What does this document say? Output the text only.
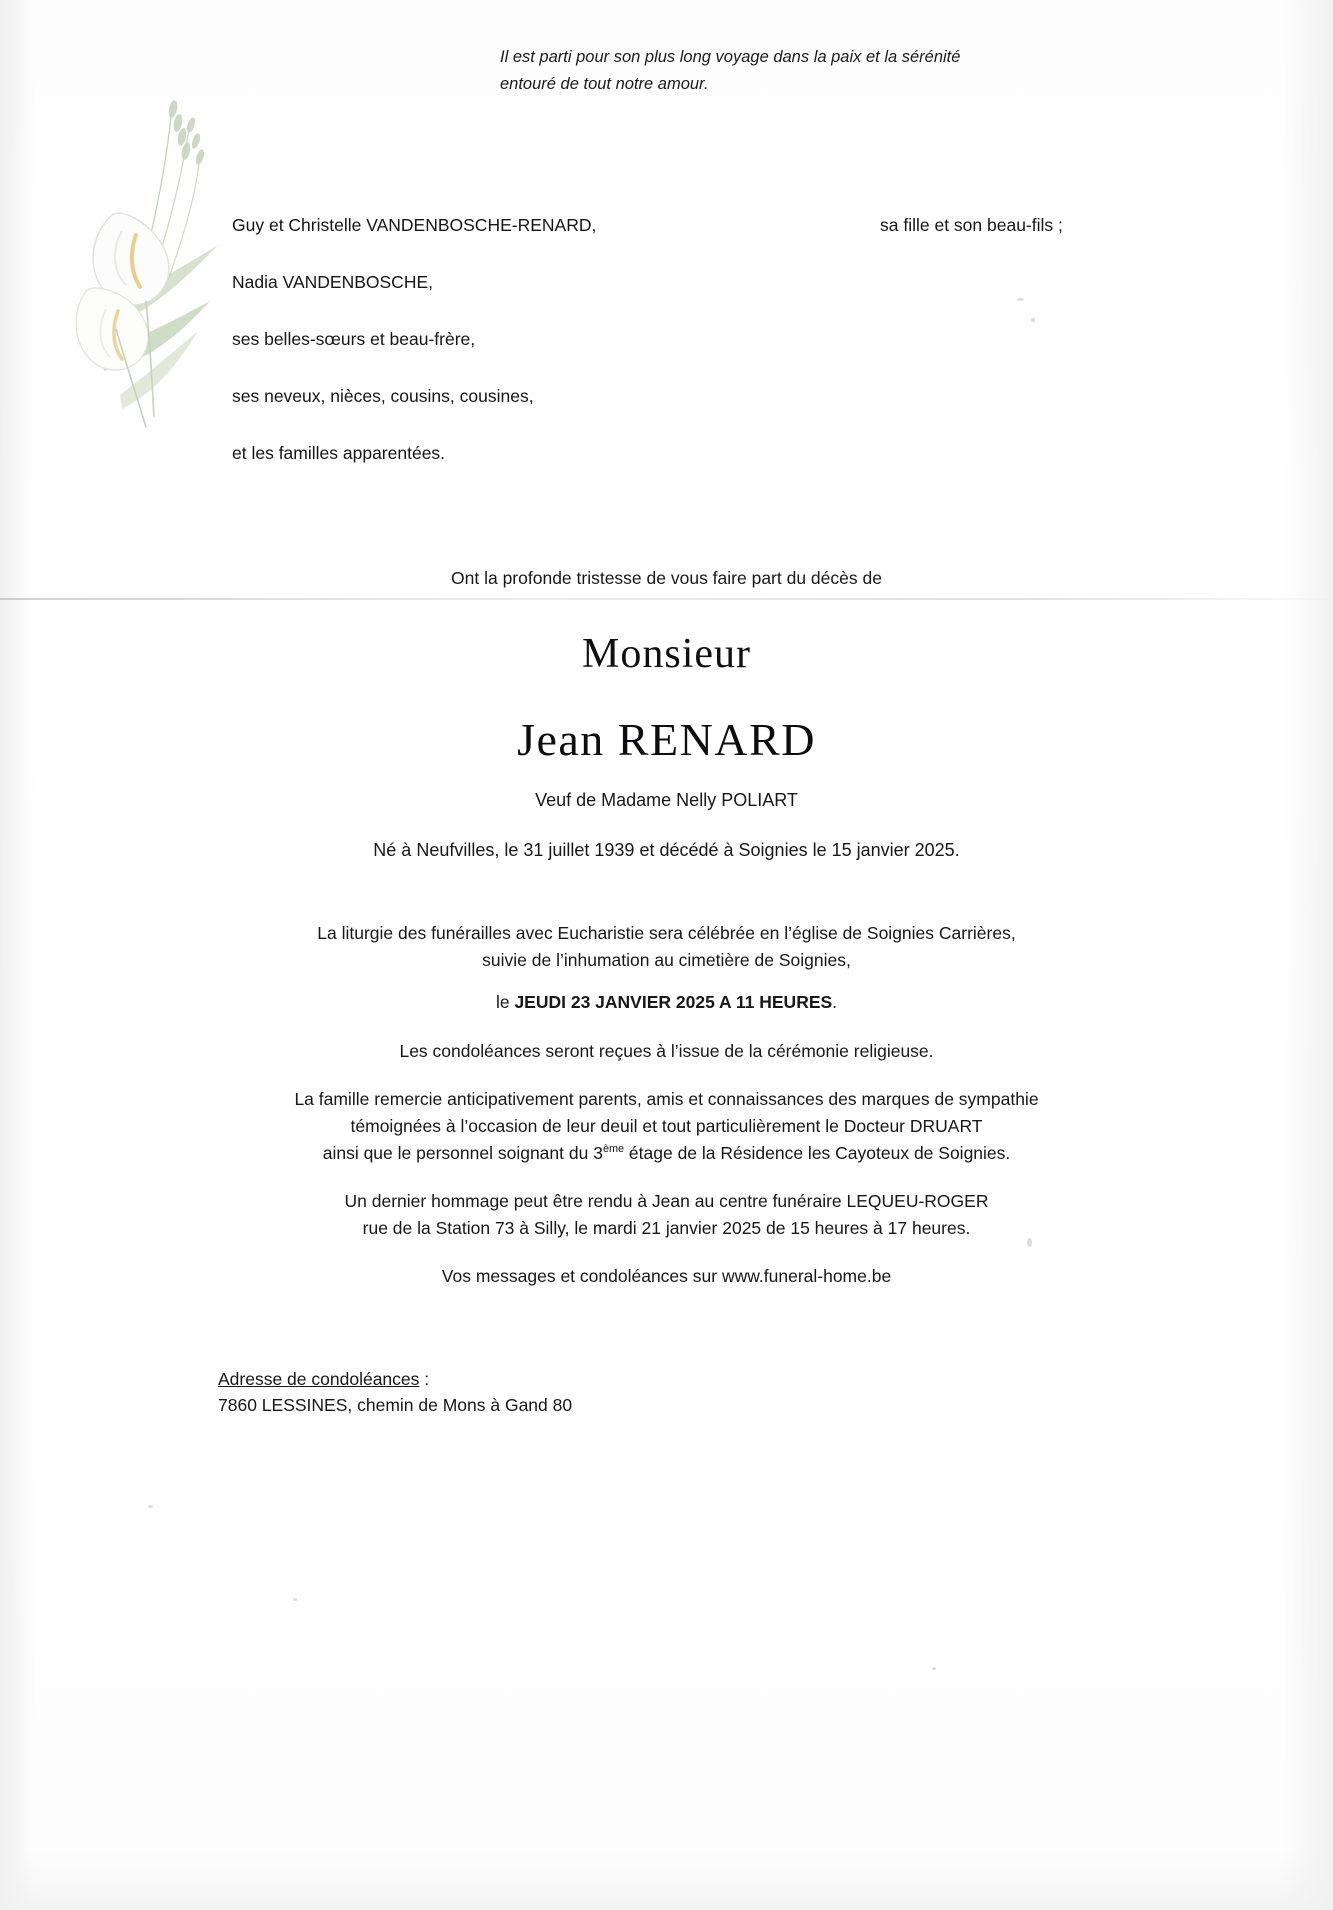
Il est parti pour son plus long voyage dans la paix et la sérénité entouré de tout notre amour.
Guy et Christelle VANDENBOSCHE-RENARD,	sa fille et son beau-fils ;
Nadia VANDENBOSCHE,
ses belles-sœurs et beau-frère,
ses neveux, nièces, cousins, cousines,
et les familles apparentées.
Ont la profonde tristesse de vous faire part du décès de
Monsieur
Jean RENARD
Veuf de Madame Nelly POLIART
Né à Neufvilles, le 31 juillet 1939 et décédé à Soignies le 15 janvier 2025.
La liturgie des funérailles avec Eucharistie sera célébrée en l’église de Soignies Carrières,
suivie de l’inhumation au cimetière de Soignies,
le JEUDI 23 JANVIER 2025 A 11 HEURES.
Les condoléances seront reçues à l’issue de la cérémonie religieuse.
La famille remercie anticipativement parents, amis et connaissances des marques de sympathie
témoignées à l’occasion de leur deuil et tout particulièrement le Docteur DRUART
ainsi que le personnel soignant du 3ème étage de la Résidence les Cayoteux de Soignies.
Un dernier hommage peut être rendu à Jean au centre funéraire LEQUEU-ROGER
rue de la Station 73 à Silly, le mardi 21 janvier 2025 de 15 heures à 17 heures.
Vos messages et condoléances sur www.funeral-home.be
Adresse de condoléances :
7860 LESSINES, chemin de Mons à Gand 80
